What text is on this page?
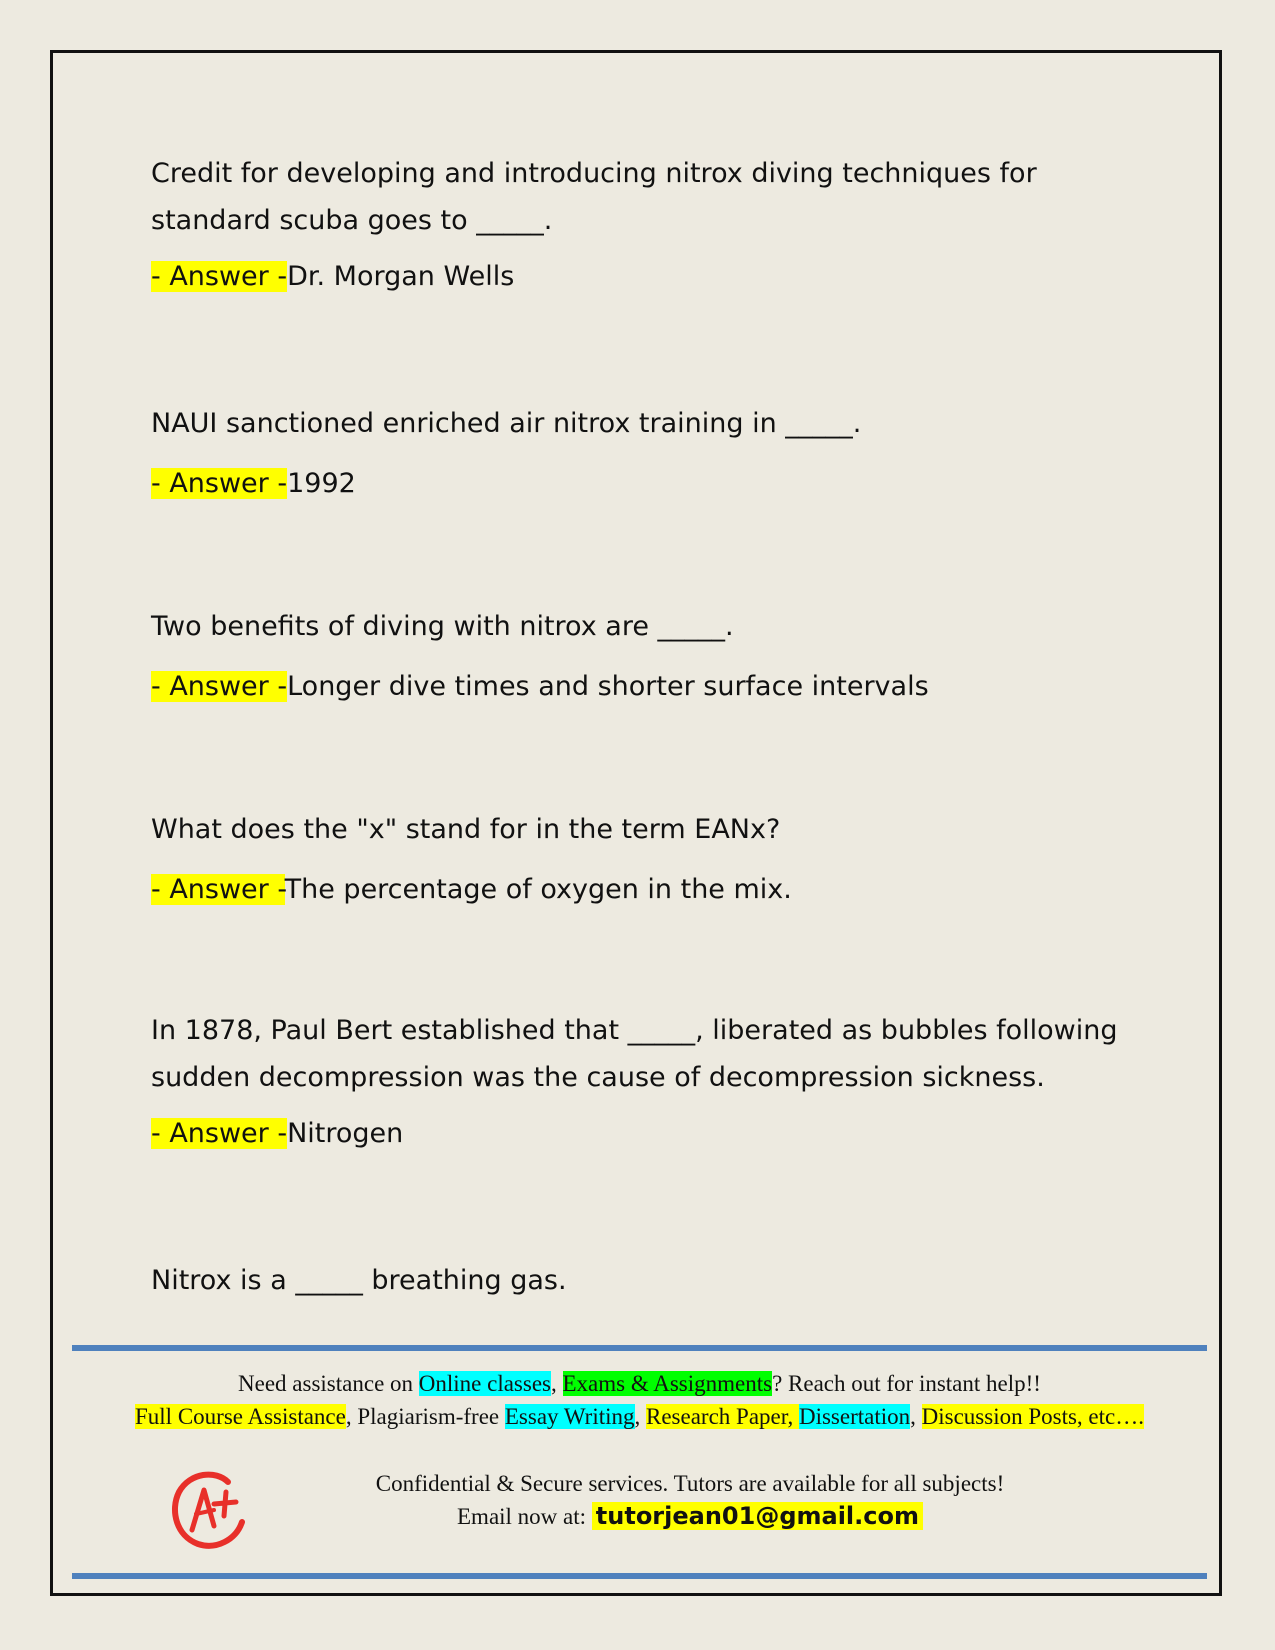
Credit for developing and introducing nitrox diving techniques for
standard scuba goes to _____.

- Answer -Dr. Morgan Wells

NAUI sanctioned enriched air nitrox training in _____.

- Answer -1992

Two benefits of diving with nitrox are _____.

- Answer -Longer dive times and shorter surface intervals

What does the "x" stand for in the term EANx?

- Answer -The percentage of oxygen in the mix.

In 1878, Paul Bert established that _____, liberated as bubbles following
sudden decompression was the cause of decompression sickness.

- Answer -Nitrogen

Nitrox is a _____ breathing gas.

Need assistance on Online classes, Exams & Assignments? Reach out for instant help!!
Full Course Assistance, Plagiarism-free Essay Writing, Research Paper, Dissertation, Discussion Posts, etc….
Confidential & Secure services. Tutors are available for all subjects!
Email now at: tutorjean01@gmail.com
